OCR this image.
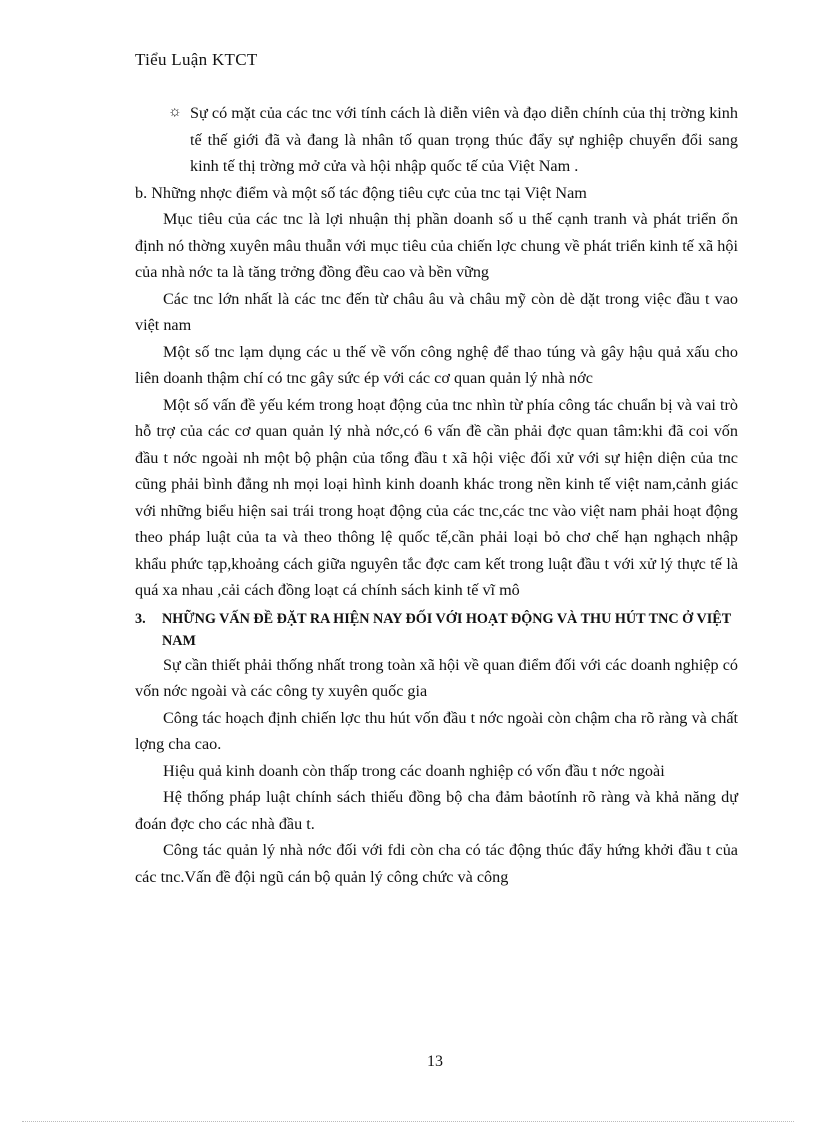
Tiểu Luận KTCT

☼ Sự có mặt của các tnc với tính cách là diễn viên và đạo diễn chính của thị trờng kinh tế thế giới đã và đang là nhân tố quan trọng thúc đẩy sự nghiệp chuyển đổi sang kinh tế thị trờng mở cửa và hội nhập quốc tế của Việt Nam .

b. Những nhợc điểm và một số tác động tiêu cực của tnc tại Việt Nam

Mục tiêu của các tnc là lợi nhuận thị phần doanh số u thế cạnh tranh và phát triển ổn định nó thờng xuyên mâu thuẫn với mục tiêu của chiến lợc chung về phát triển kinh tế xã hội của nhà nớc ta là tăng trởng đồng đều cao và bền vững

Các tnc lớn nhất là các tnc đến từ châu âu và châu mỹ còn dè dặt trong việc đầu t vao việt nam

Một số tnc lạm dụng các u thế về vốn công nghệ để thao túng và gây hậu quả xấu cho liên doanh thậm chí có tnc gây sức ép với các cơ quan quản lý nhà nớc

Một số vấn đề yếu kém trong hoạt động của tnc nhìn từ phía công tác chuẩn bị và vai trò hỗ trợ của các cơ quan quản lý nhà nớc,có 6 vấn đề cần phải đợc quan tâm:khi đã coi vốn đầu t nớc ngoài nh một bộ phận của tổng đầu t xã hội việc đối xử với sự hiện diện của tnc cũng phải bình đẳng nh mọi loại hình kinh doanh khác trong nền kinh tế việt nam,cảnh giác với những biểu hiện sai trái trong hoạt động của các tnc,các tnc vào việt nam phải hoạt động theo pháp luật của ta và theo thông lệ quốc tế,cần phải loại bỏ chơ chế hạn nghạch nhập khẩu phức tạp,khoảng cách giữa nguyên tắc đợc cam kết trong luật đầu t với xử lý thực tế là quá xa nhau ,cải cách đồng loạt cá chính sách kinh tế vĩ mô

3.	NHỮNG VẤN ĐỀ ĐẶT RA HIỆN NAY ĐỐI VỚI HOẠT ĐỘNG VÀ THU HÚT TNC Ở VIỆT NAM

Sự cần thiết phải thống nhất trong toàn xã hội về quan điểm đối với các doanh nghiệp có vốn nớc ngoài và các công ty xuyên quốc gia

Công tác hoạch định chiến lợc thu hút vốn đầu t nớc ngoài còn chậm cha rõ ràng và chất lợng cha cao.

Hiệu quả kinh doanh còn thấp trong các doanh nghiệp có vốn đầu t nớc ngoài

Hệ thống pháp luật chính sách thiếu đồng bộ cha đảm bảotính rõ ràng và khả năng dự đoán đợc cho các nhà đầu t.

Công tác quản lý nhà nớc đối với fdi còn cha có tác động thúc đẩy hứng khởi đầu t của các tnc.Vấn đề đội ngũ cán bộ quản lý công chức và công

13
